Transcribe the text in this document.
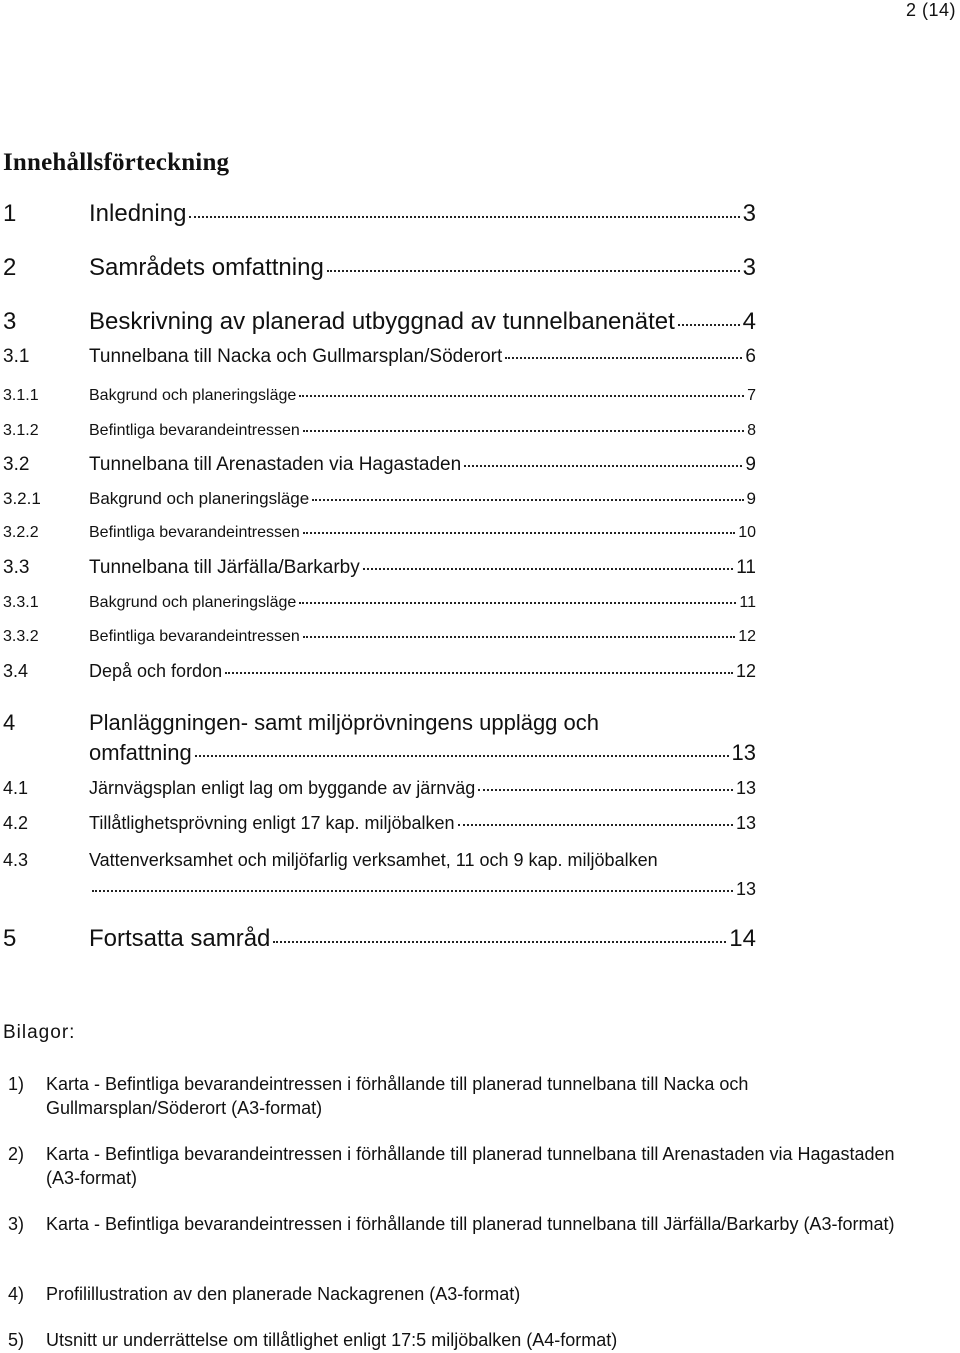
2 (14)
Innehållsförteckning
1	Inledning	3
2	Samrådets omfattning	3
3	Beskrivning av planerad utbyggnad av tunnelbanenätet	4
3.1	Tunnelbana till Nacka och Gullmarsplan/Söderort	6
3.1.1	Bakgrund och planeringsläge	7
3.1.2	Befintliga bevarandeintressen	8
3.2	Tunnelbana till Arenastaden via Hagastaden	9
3.2.1	Bakgrund och planeringsläge	9
3.2.2	Befintliga bevarandeintressen	10
3.3	Tunnelbana till Järfälla/Barkarby	11
3.3.1	Bakgrund och planeringsläge	11
3.3.2	Befintliga bevarandeintressen	12
3.4	Depå och fordon	12
4	Planläggningen- samt miljöprövningens upplägg och
omfattning	13
4.1	Järnvägsplan enligt lag om byggande av järnväg	13
4.2	Tillåtlighetsprövning enligt 17 kap. miljöbalken	13
4.3	Vattenverksamhet och miljöfarlig verksamhet, 11 och 9 kap. miljöbalken
13
5	Fortsatta samråd	14
Bilagor:
1)	Karta - Befintliga bevarandeintressen i förhållande till planerad tunnelbana till Nacka och Gullmarsplan/Söderort (A3-format)
2)	Karta - Befintliga bevarandeintressen i förhållande till planerad tunnelbana till Arenastaden via Hagastaden (A3-format)
3)	Karta - Befintliga bevarandeintressen i förhållande till planerad tunnelbana till Järfälla/Barkarby (A3-format)
4)	Profilillustration av den planerade Nackagrenen (A3-format)
5)	Utsnitt ur underrättelse om tillåtlighet enligt 17:5 miljöbalken (A4-format)
